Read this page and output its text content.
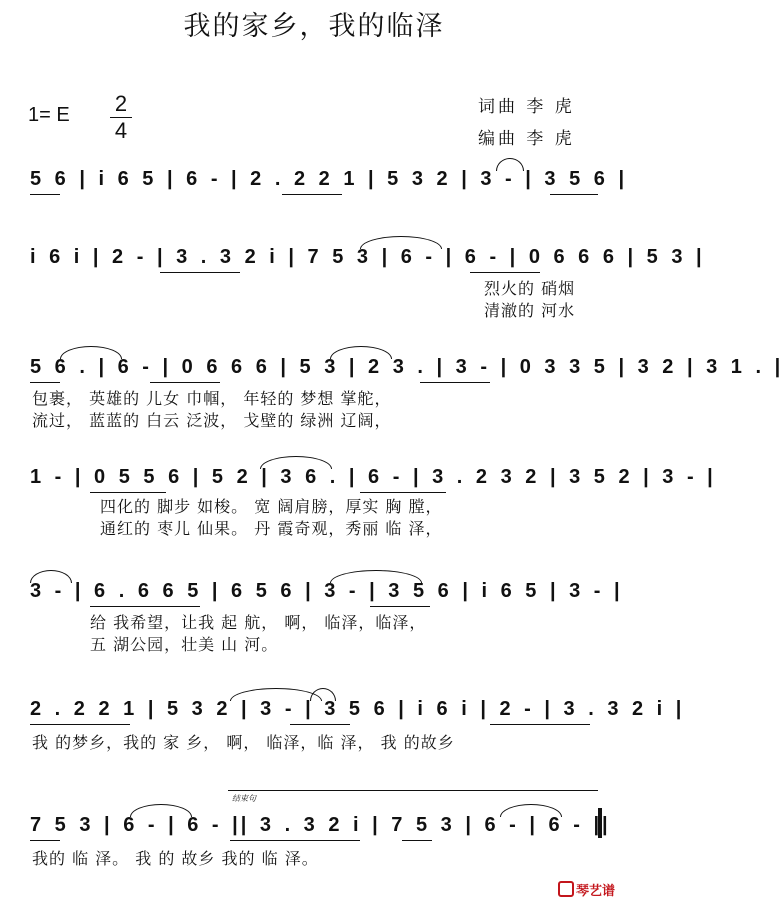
我的家乡，我的临泽
1= E	2
4
词曲 李 虎
编曲 李 虎
5 6 | i 6 5 | 6 - | 2 . 2 2 1 | 5 3 2 | 3 - | 3 5 6 |
i 6 i | 2 - | 3 . 3 2 i | 7 5 3 | 6 - | 6 - | 0 6 6 6 | 5 3 |
烈火的 硝烟
清澈的 河水
5 6 . | 6 - | 0 6 6 6 | 5 3 | 2 3 . | 3 - | 0 3 3 5 | 3 2 | 3 1 . |
包裹， 英雄的 儿女 巾帼， 年轻的 梦想 掌舵，
流过， 蓝蓝的 白云 泛波， 戈壁的 绿洲 辽阔，
1 - | 0 5 5 6 | 5 2 | 3 6 . | 6 - | 3 . 2 3 2 | 3 5 2 | 3 - |
四化的 脚步 如梭。 宽 阔肩膀，厚实 胸 膛，
通红的 枣儿 仙果。 丹 霞奇观，秀丽 临 泽，
3 - | 6 . 6 6 5 | 6 5 6 | 3 - | 3 5 6 | i 6 5 | 3 - |
给 我希望，让我 起 航， 啊， 临泽，临泽，
五 湖公园，壮美 山 河。
2 . 2 2 1 | 5 3 2 | 3 - | 3 5 6 | i 6 i | 2 - | 3 . 3 2 i |
我 的梦乡，我的 家 乡， 啊， 临泽，临 泽， 我 的故乡
结束句
7 5 3 | 6 - | 6 - || 3 . 3 2 i | 7 5 3 | 6 - | 6 - ||
我的 临 泽。 我 的 故乡 我的 临 泽。
琴艺谱
